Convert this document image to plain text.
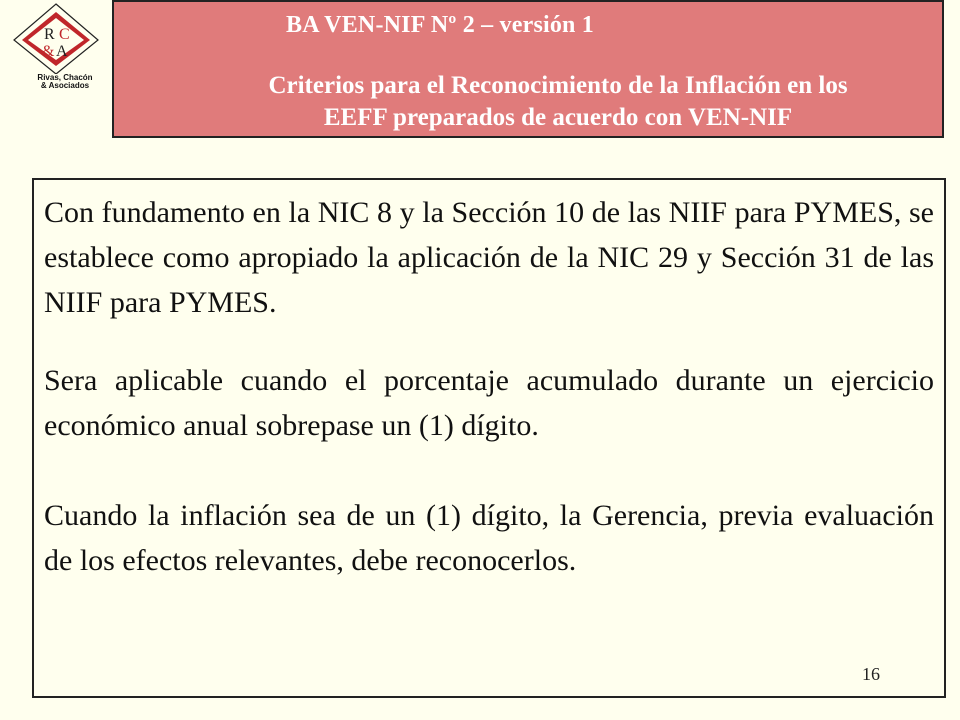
R C
& A
Rivas, Chacón
& Asociados
BA VEN-NIF Nº 2 – versión 1
Criterios para el Reconocimiento de la Inflación en los
EEFF preparados de acuerdo con VEN-NIF
Con fundamento en la NIC 8 y la Sección 10 de las NIIF para PYMES, se establece como apropiado la aplicación de la NIC 29 y Sección 31 de las NIIF para PYMES.
Sera aplicable cuando el porcentaje acumulado durante un ejercicio económico anual sobrepase un (1) dígito.
Cuando la inflación sea de un (1) dígito, la Gerencia, previa evaluación de los efectos relevantes, debe reconocerlos.
16
